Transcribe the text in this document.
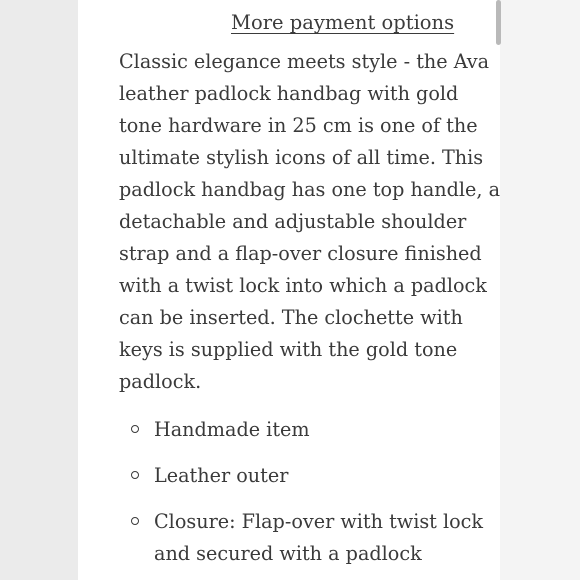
More payment options

Classic elegance meets style - the Ava
leather padlock handbag with gold
tone hardware in 25 cm is one of the
ultimate stylish icons of all time. This
padlock handbag has one top handle, a
detachable and adjustable shoulder
strap and a flap-over closure finished
with a twist lock into which a padlock
can be inserted. The clochette with
keys is supplied with the gold tone
padlock.

Handmade item
Leather outer
Closure: Flap-over with twist lock
and secured with a padlock
